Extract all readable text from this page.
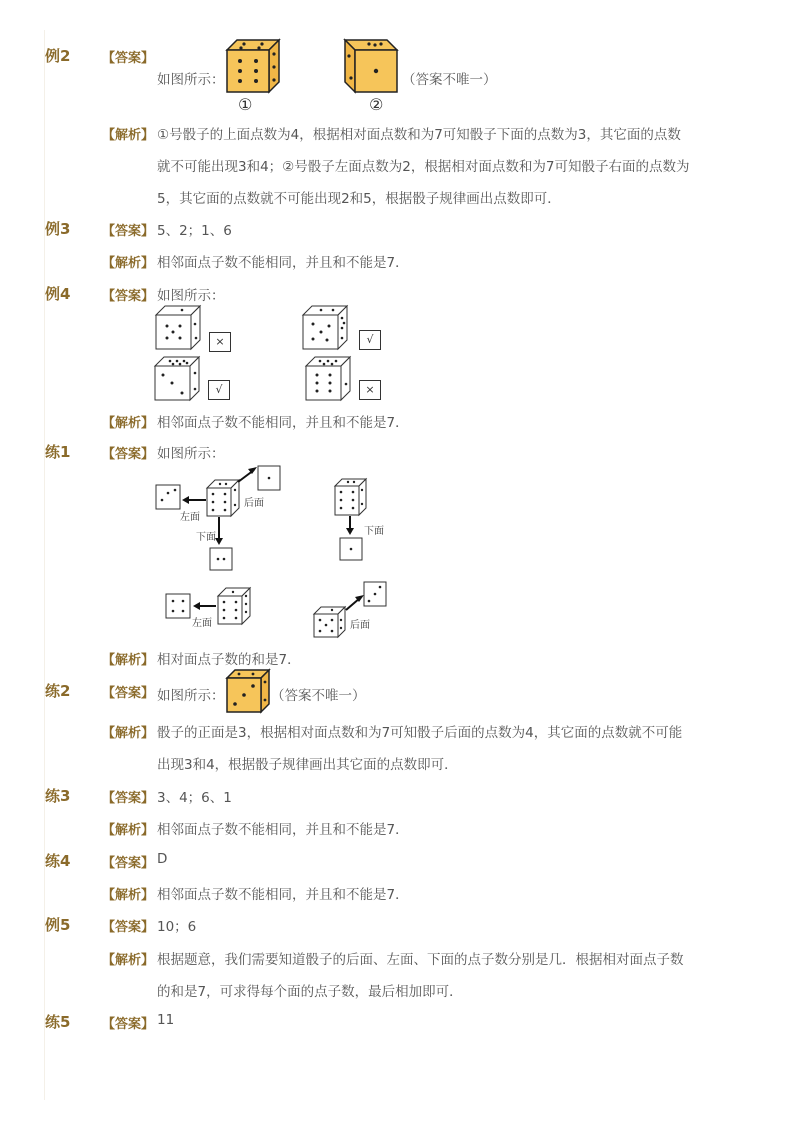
例2 【答案】
如图所示：
①
（答案不唯一）
②
【解析】 ①号骰子的上面点数为4，根据相对面点数和为7可知骰子下面的点数为3，其它面的点数
就不可能出现3和4；②号骰子左面点数为2，根据相对面点数和为7可知骰子右面的点数为
5，其它面的点数就不可能出现2和5，根据骰子规律画出点数即可．
例3 【答案】 5、2；1、6
【解析】 相邻面点子数不能相同，并且和不能是7．
例4 【答案】 如图所示：
×	√
√	×
【解析】 相邻面点子数不能相同，并且和不能是7．
练1 【答案】 如图所示：
左面
后面
下面
下面
左面	后面
【解析】 相对面点子数的和是7．
练2 【答案】 如图所示：	（答案不唯一）
【解析】 骰子的正面是3，根据相对面点数和为7可知骰子后面的点数为4，其它面的点数就不可能
出现3和4，根据骰子规律画出其它面的点数即可．
练3 【答案】 3、4；6、1
【解析】 相邻面点子数不能相同，并且和不能是7．
练4 【答案】 D
【解析】 相邻面点子数不能相同，并且和不能是7．
例5 【答案】 10；6
【解析】 根据题意，我们需要知道骰子的后面、左面、下面的点子数分别是几．根据相对面点子数
的和是7，可求得每个面的点子数，最后相加即可．
练5 【答案】 11
